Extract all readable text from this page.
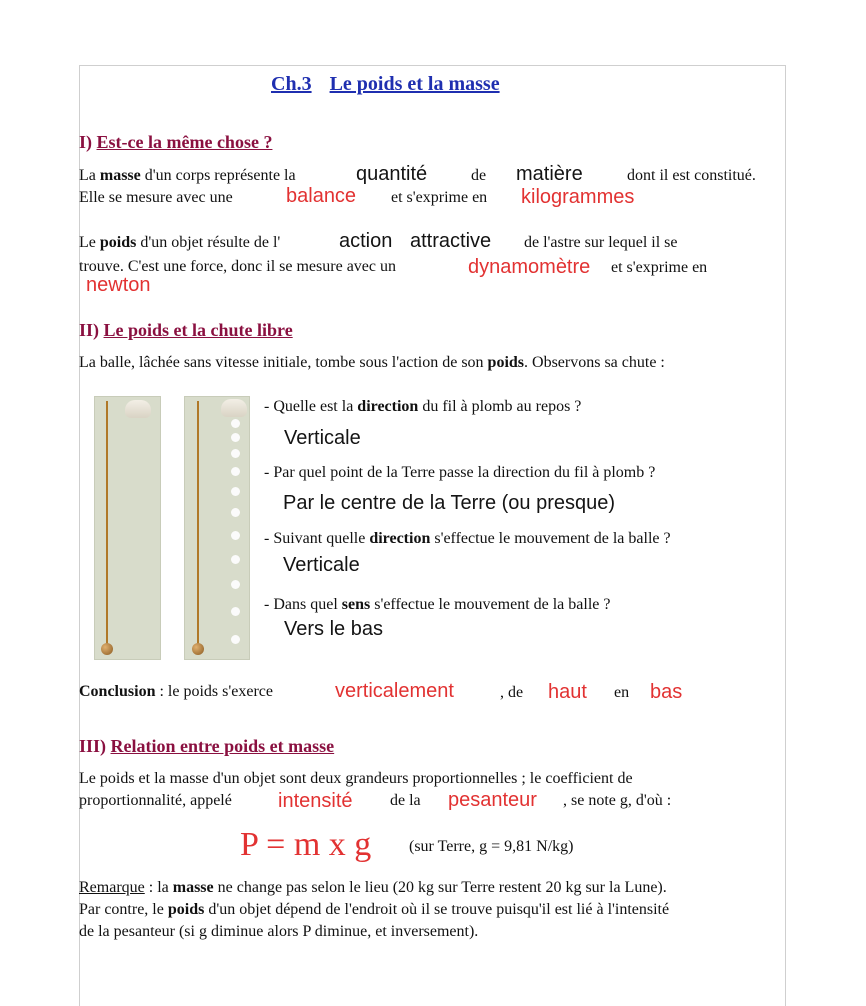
Ch.3 Le poids et la masse
I) Est-ce la même chose ?
La masse d'un corps représente la	quantité	de matière	dont il est constitué.
Elle se mesure avec une	balance et s'exprime en kilogrammes
Le poids d'un objet résulte de l'	action attractive de l'astre sur lequel il se
trouve. C'est une force, donc il se mesure avec un	dynamomètre et s'exprime en
newton
II) Le poids et la chute libre
La balle, lâchée sans vitesse initiale, tombe sous l'action de son poids. Observons sa chute :
- Quelle est la direction du fil à plomb au repos ?
Verticale
- Par quel point de la Terre passe la direction du fil à plomb ?
Par le centre de la Terre (ou presque)
- Suivant quelle direction s'effectue le mouvement de la balle ?
Verticale
- Dans quel sens s'effectue le mouvement de la balle ?
Vers le bas
Conclusion : le poids s'exerce	verticalement	, de haut en bas
III) Relation entre poids et masse
Le poids et la masse d'un objet sont deux grandeurs proportionnelles ; le coefficient de
proportionnalité, appelé intensité de la pesanteur , se note g, d'où :
P = m x g (sur Terre, g = 9,81 N/kg)
Remarque : la masse ne change pas selon le lieu (20 kg sur Terre restent 20 kg sur la Lune).
Par contre, le poids d'un objet dépend de l'endroit où il se trouve puisqu'il est lié à l'intensité
de la pesanteur (si g diminue alors P diminue, et inversement).
